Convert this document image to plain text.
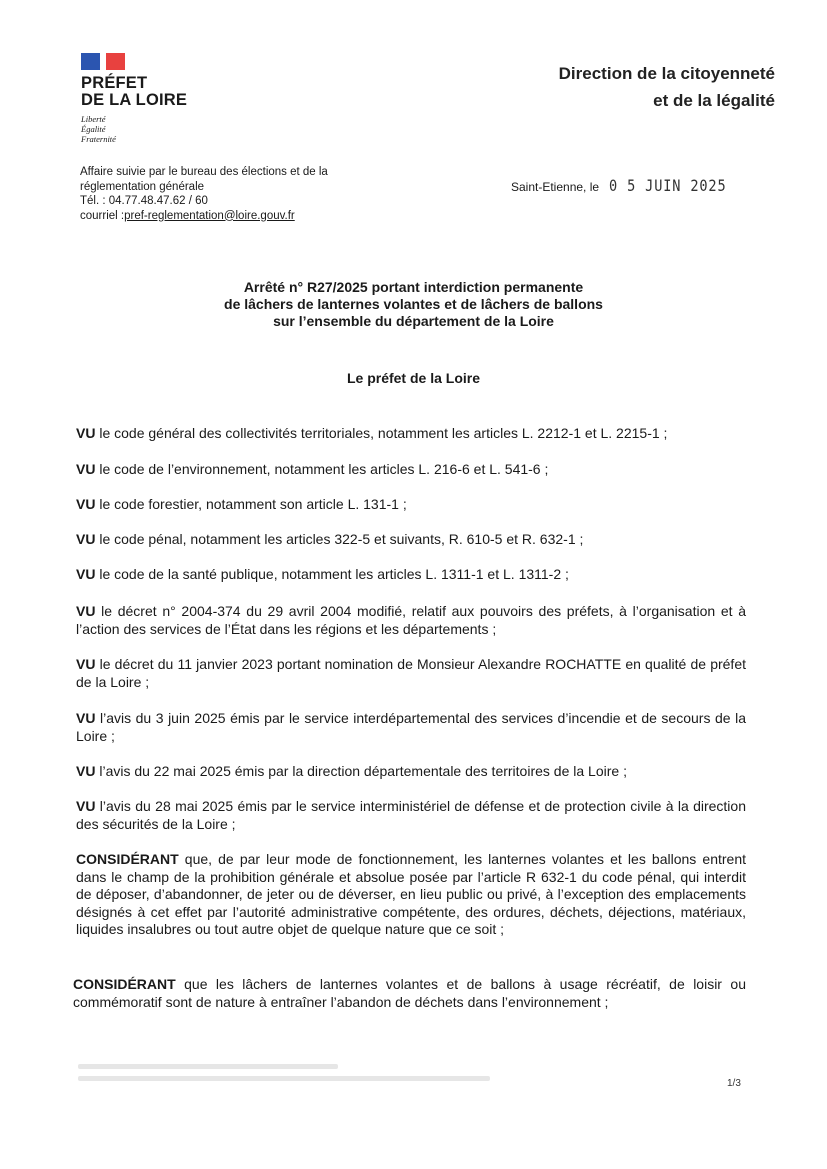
PRÉFET
DE LA LOIRE
Liberté
Égalité
Fraternité
Direction de la citoyenneté
et de la légalité
Affaire suivie par le bureau des élections et de la
réglementation générale
Tél. : 04.77.48.47.62 / 60
courriel :pref-reglementation@loire.gouv.fr
Saint-Etienne, le 0 5 JUIN 2025
Arrêté n° R27/2025 portant interdiction permanente
de lâchers de lanternes volantes et de lâchers de ballons
sur l’ensemble du département de la Loire
Le préfet de la Loire
VU le code général des collectivités territoriales, notamment les articles L. 2212-1 et L. 2215-1 ;
VU le code de l’environnement, notamment les articles L. 216-6 et L. 541-6 ;
VU le code forestier, notamment son article L. 131-1 ;
VU le code pénal, notamment les articles 322-5 et suivants, R. 610-5 et R. 632-1 ;
VU le code de la santé publique, notamment les articles L. 1311-1 et L. 1311-2 ;
VU le décret n° 2004-374 du 29 avril 2004 modifié, relatif aux pouvoirs des préfets, à l’organisation et à l’action des services de l’État dans les régions et les départements ;
VU le décret du 11 janvier 2023 portant nomination de Monsieur Alexandre ROCHATTE en qualité de préfet de la Loire ;
VU l’avis du 3 juin 2025 émis par le service interdépartemental des services d’incendie et de secours de la Loire ;
VU l’avis du 22 mai 2025 émis par la direction départementale des territoires de la Loire ;
VU l’avis du 28 mai 2025 émis par le service interministériel de défense et de protection civile à la direction des sécurités de la Loire ;
CONSIDÉRANT que, de par leur mode de fonctionnement, les lanternes volantes et les ballons entrent dans le champ de la prohibition générale et absolue posée par l’article R 632-1 du code pénal, qui interdit de déposer, d’abandonner, de jeter ou de déverser, en lieu public ou privé, à l’exception des emplacements désignés à cet effet par l’autorité administrative compétente, des ordures, déchets, déjections, matériaux, liquides insalubres ou tout autre objet de quelque nature que ce soit ;
CONSIDÉRANT que les lâchers de lanternes volantes et de ballons à usage récréatif, de loisir ou commémoratif sont de nature à entraîner l’abandon de déchets dans l’environnement ;
1/3
